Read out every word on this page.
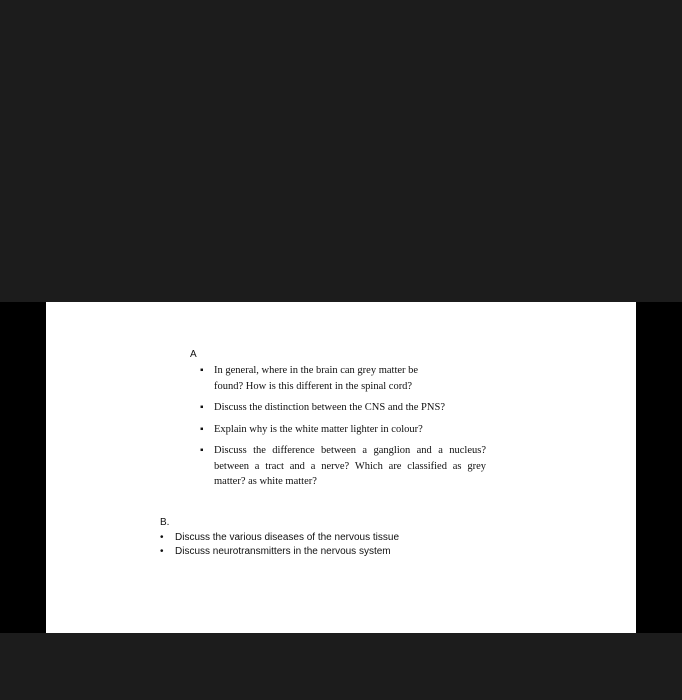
A
▪ In general, where in the brain can grey matter be found? How is this different in the spinal cord?
▪ Discuss the distinction between the CNS and the PNS?
▪ Explain why is the white matter lighter in colour?
▪ Discuss the difference between a ganglion and a nucleus? between a tract and a nerve? Which are classified as grey matter? as white matter?
B.
• Discuss the various diseases of the nervous tissue
• Discuss neurotransmitters in the nervous system
